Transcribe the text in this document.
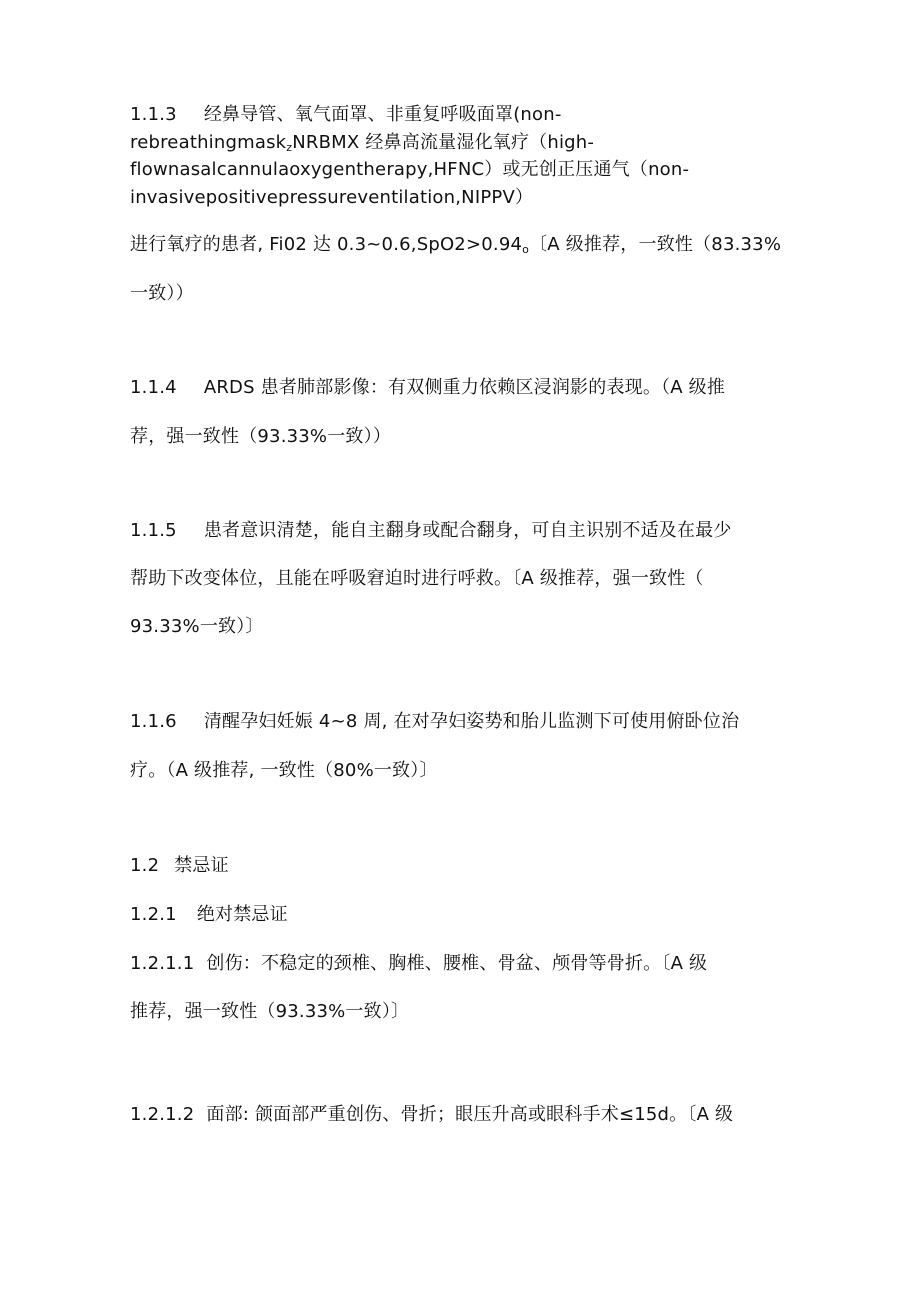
1.1.3 经鼻导管、氧气面罩、非重复呼吸面罩(non-
rebreathingmask$_z$NRBMX 经鼻高流量湿化氧疗（high-
flownasalcannulaoxygentherapy,HFNC）或无创正压通气（non-
invasivepositivepressureventilation,NIPPV）
进行氧疗的患者, Fi02 达 $0.3\sim 0.6,SpO2>0.94_o$〔A 级推荐，一致性（83.33%
一致））
1.1.4 ARDS 患者肺部影像：有双侧重力依赖区浸润影的表现。（A 级推
荐，强一致性（93.33%一致））
1.1.5 患者意识清楚，能自主翻身或配合翻身，可自主识别不适及在最少
帮助下改变体位，且能在呼吸窘迫时进行呼救。〔A 级推荐，强一致性（
93.33%一致）〕
1.1.6 清醒孕妇妊娠 4~8 周, 在对孕妇姿势和胎儿监测下可使用俯卧位治
疗。（A 级推荐, 一致性（80%一致）〕
1.2 禁忌证
1.2.1 绝对禁忌证
1.2.1.1 创伤：不稳定的颈椎、胸椎、腰椎、骨盆、颅骨等骨折。〔A 级
推荐，强一致性（93.33%一致）〕
1.2.1.2 面部: 颌面部严重创伤、骨折；眼压升高或眼科手术≤15d。〔A 级
